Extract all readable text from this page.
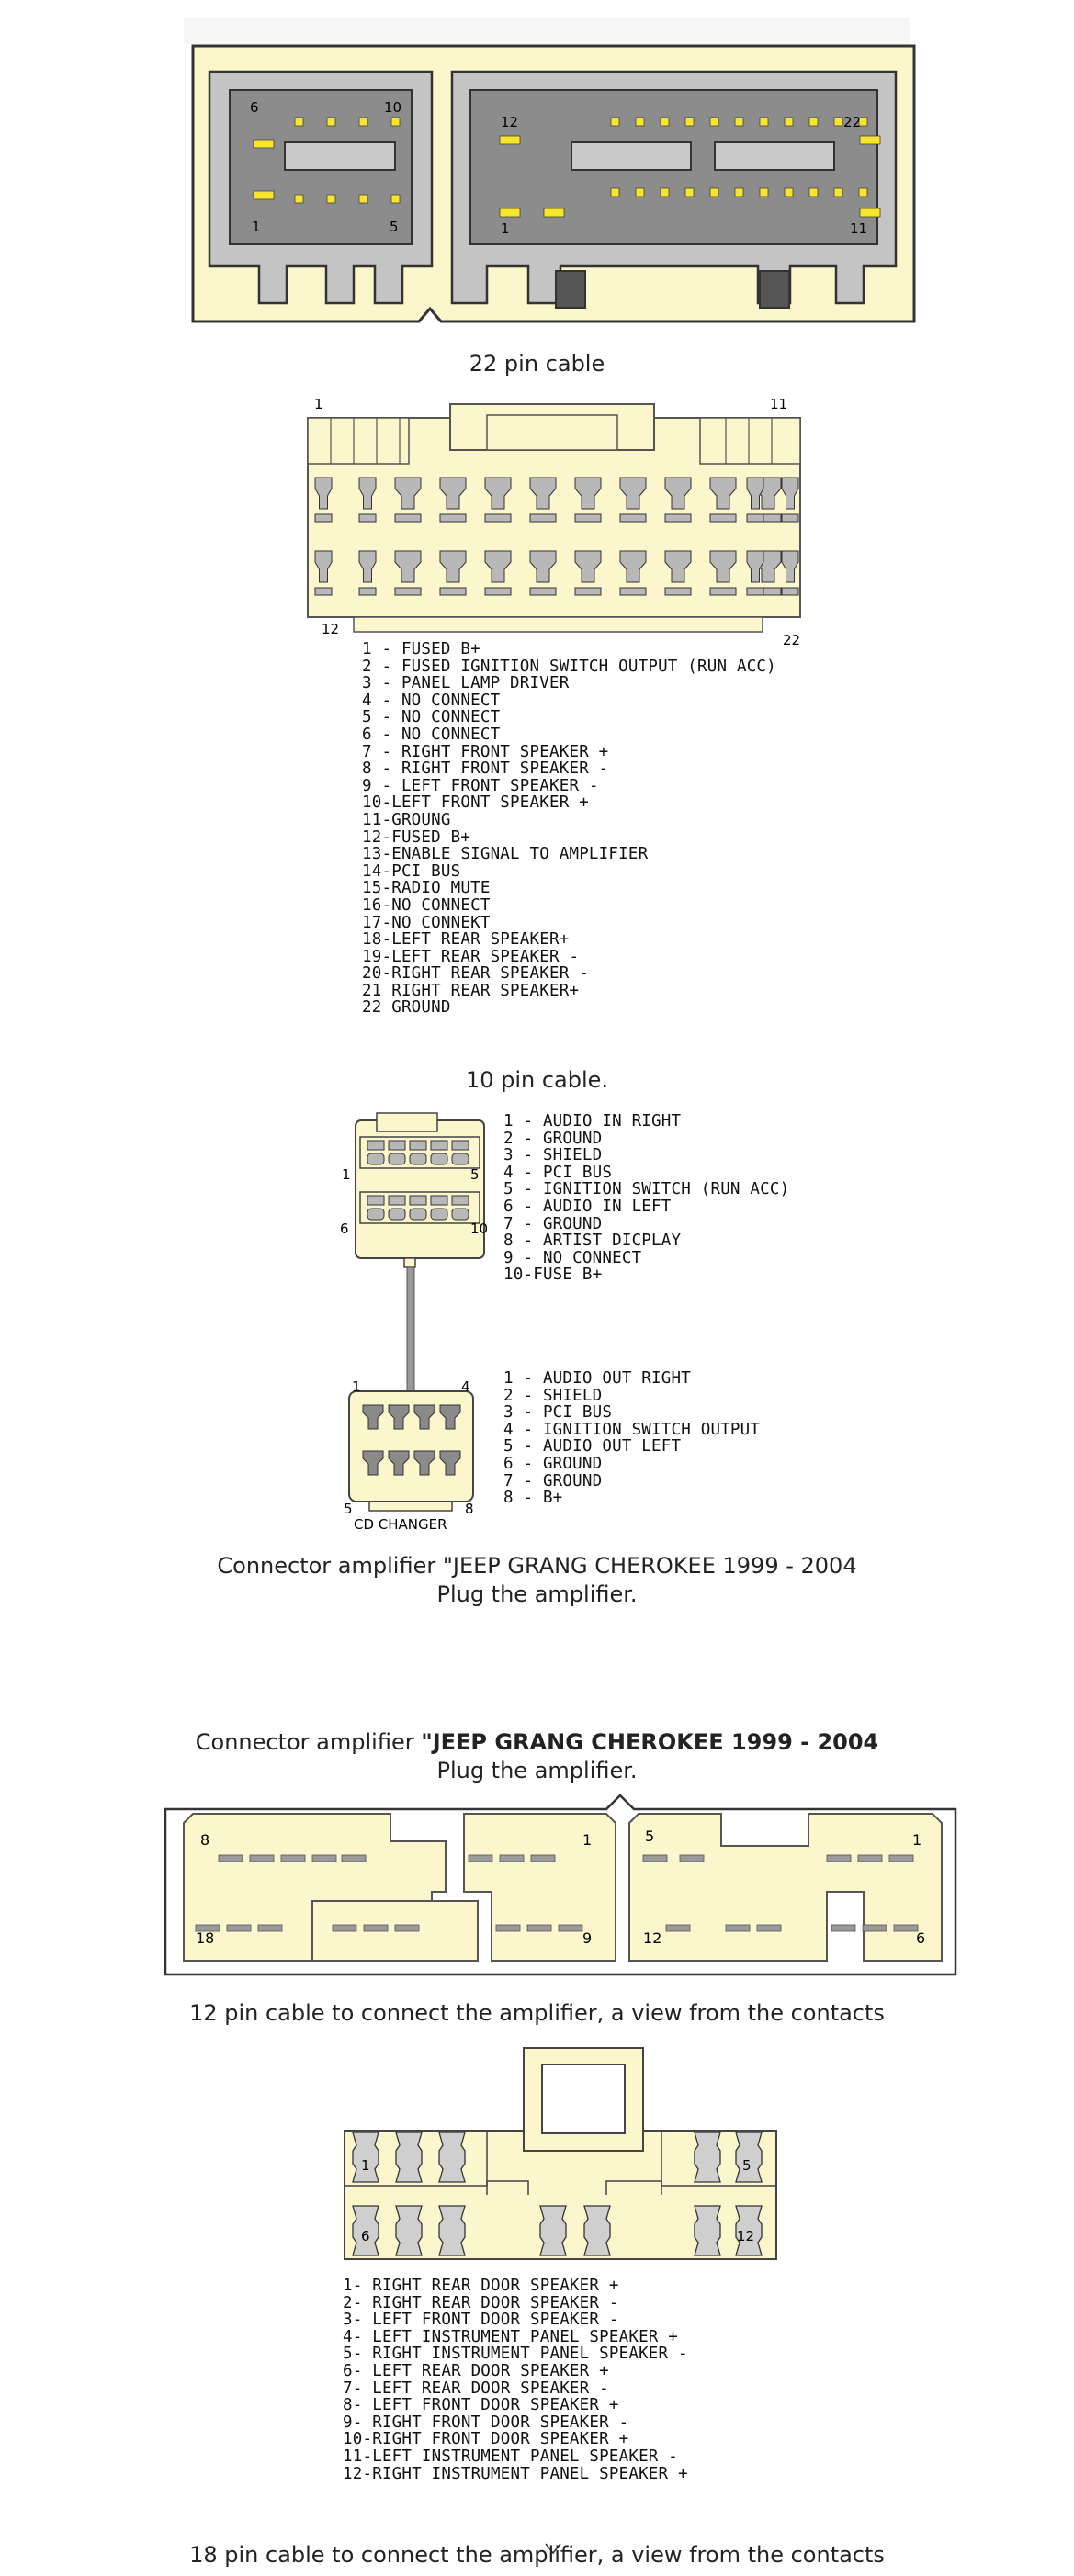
6	10
1	5
12	22
1	11
22 pin cable
1	11
12
22
1 - FUSED B+
2 - FUSED IGNITION SWITCH OUTPUT (RUN ACC)
3 - PANEL LAMP DRIVER
4 - NO CONNECT
5 - NO CONNECT
6 - NO CONNECT
7 - RIGHT FRONT SPEAKER +
8 - RIGHT FRONT SPEAKER -
9 - LEFT FRONT SPEAKER -
10-LEFT FRONT SPEAKER +
11-GROUNG
12-FUSED B+
13-ENABLE SIGNAL TO AMPLIFIER
14-PCI BUS
15-RADIO MUTE
16-NO CONNECT
17-NO CONNEKT
18-LEFT REAR SPEAKER+
19-LEFT REAR SPEAKER -
20-RIGHT REAR SPEAKER -
21 RIGHT REAR SPEAKER+
22 GROUND
10 pin cable.
1	5
6	10
1	4
5	8
CD CHANGER
1 - AUDIO IN RIGHT
2 - GROUND
3 - SHIELD
4 - PCI BUS
5 - IGNITION SWITCH (RUN ACC)
6 - AUDIO IN LEFT
7 - GROUND
8 - ARTIST DICPLAY
9 - NO CONNECT
10-FUSE B+
1 - AUDIO OUT RIGHT
2 - SHIELD
3 - PCI BUS
4 - IGNITION SWITCH OUTPUT
5 - AUDIO OUT LEFT
6 - GROUND
7 - GROUND
8 - B+
Connector amplifier "JEEP GRANG CHEROKEE 1999 - 2004
Plug the amplifier.
Connector amplifier "JEEP GRANG CHEROKEE 1999 - 2004
Plug the amplifier.
8	1
18	9
5	1
12	6
12 pin cable to connect the amplifier, a view from the contacts
1	5
6	12
1- RIGHT REAR DOOR SPEAKER +
2- RIGHT REAR DOOR SPEAKER -
3- LEFT FRONT DOOR SPEAKER -
4- LEFT INSTRUMENT PANEL SPEAKER +
5- RIGHT INSTRUMENT PANEL SPEAKER -
6- LEFT REAR DOOR SPEAKER +
7- LEFT REAR DOOR SPEAKER -
8- LEFT FRONT DOOR SPEAKER +
9- RIGHT FRONT DOOR SPEAKER -
10-RIGHT FRONT DOOR SPEAKER +
11-LEFT INSTRUMENT PANEL SPEAKER -
12-RIGHT INSTRUMENT PANEL SPEAKER +
18 pin cable to connect the amplifier, a view from the contacts
